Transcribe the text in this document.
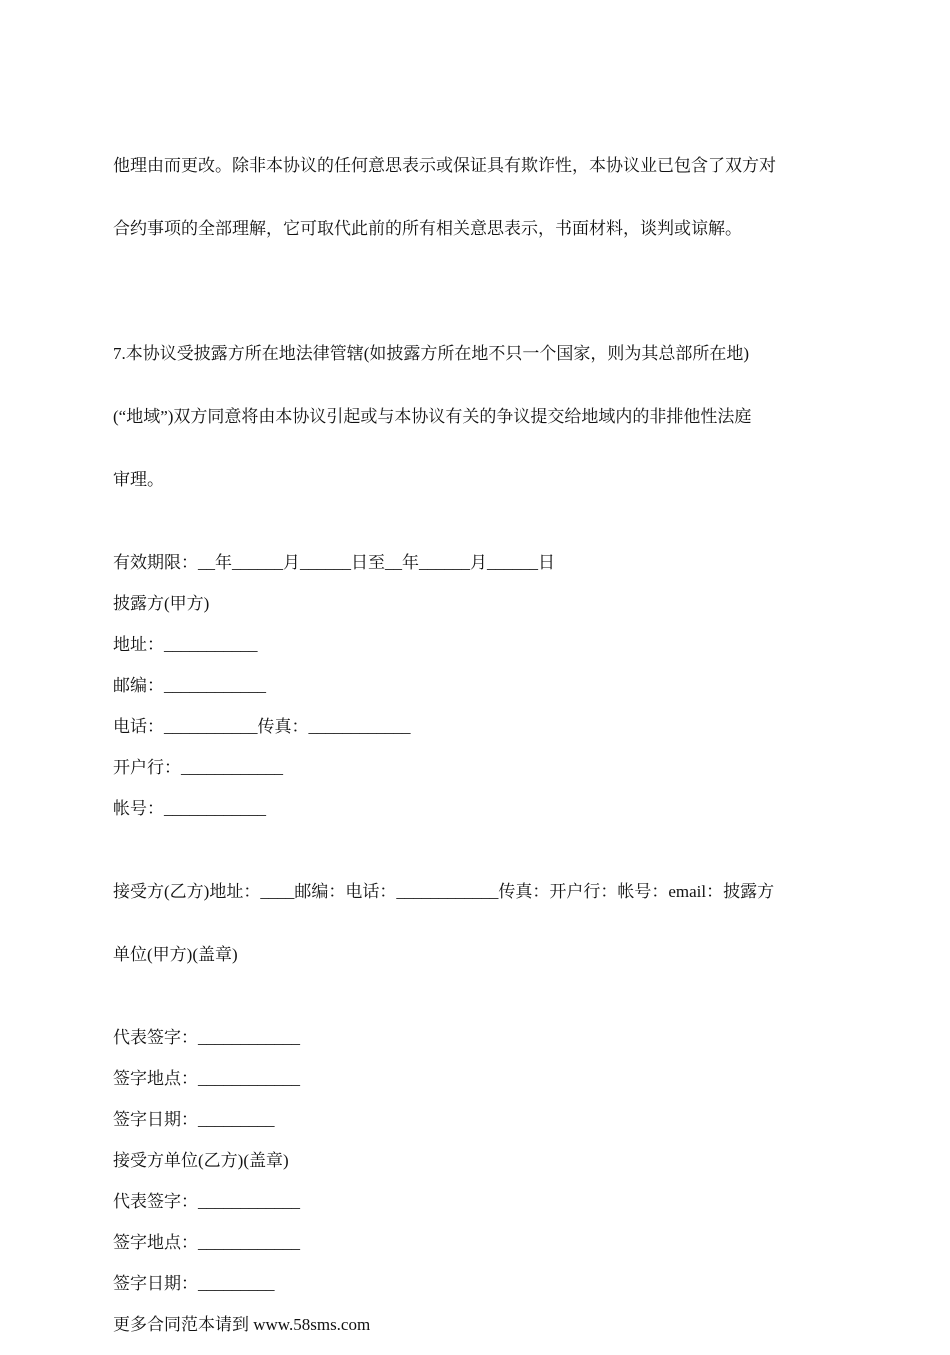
他理由而更改。除非本协议的任何意思表示或保证具有欺诈性，本协议业已包含了双方对

合约事项的全部理解，它可取代此前的所有相关意思表示，书面材料，谈判或谅解。

7.本协议受披露方所在地法律管辖(如披露方所在地不只一个国家，则为其总部所在地)

(“地域”)双方同意将由本协议引起或与本协议有关的争议提交给地域内的非排他性法庭

审理。

有效期限：__年______月______日至__年______月______日

披露方(甲方)

地址：___________

邮编：____________

电话：___________传真：____________

开户行：____________

帐号：____________

接受方(乙方)地址：____邮编：电话：____________传真：开户行：帐号：email：披露方

单位(甲方)(盖章)

代表签字：____________

签字地点：____________

签字日期：_________

接受方单位(乙方)(盖章)

代表签字：____________

签字地点：____________

签字日期：_________

更多合同范本请到 www.58sms.com
